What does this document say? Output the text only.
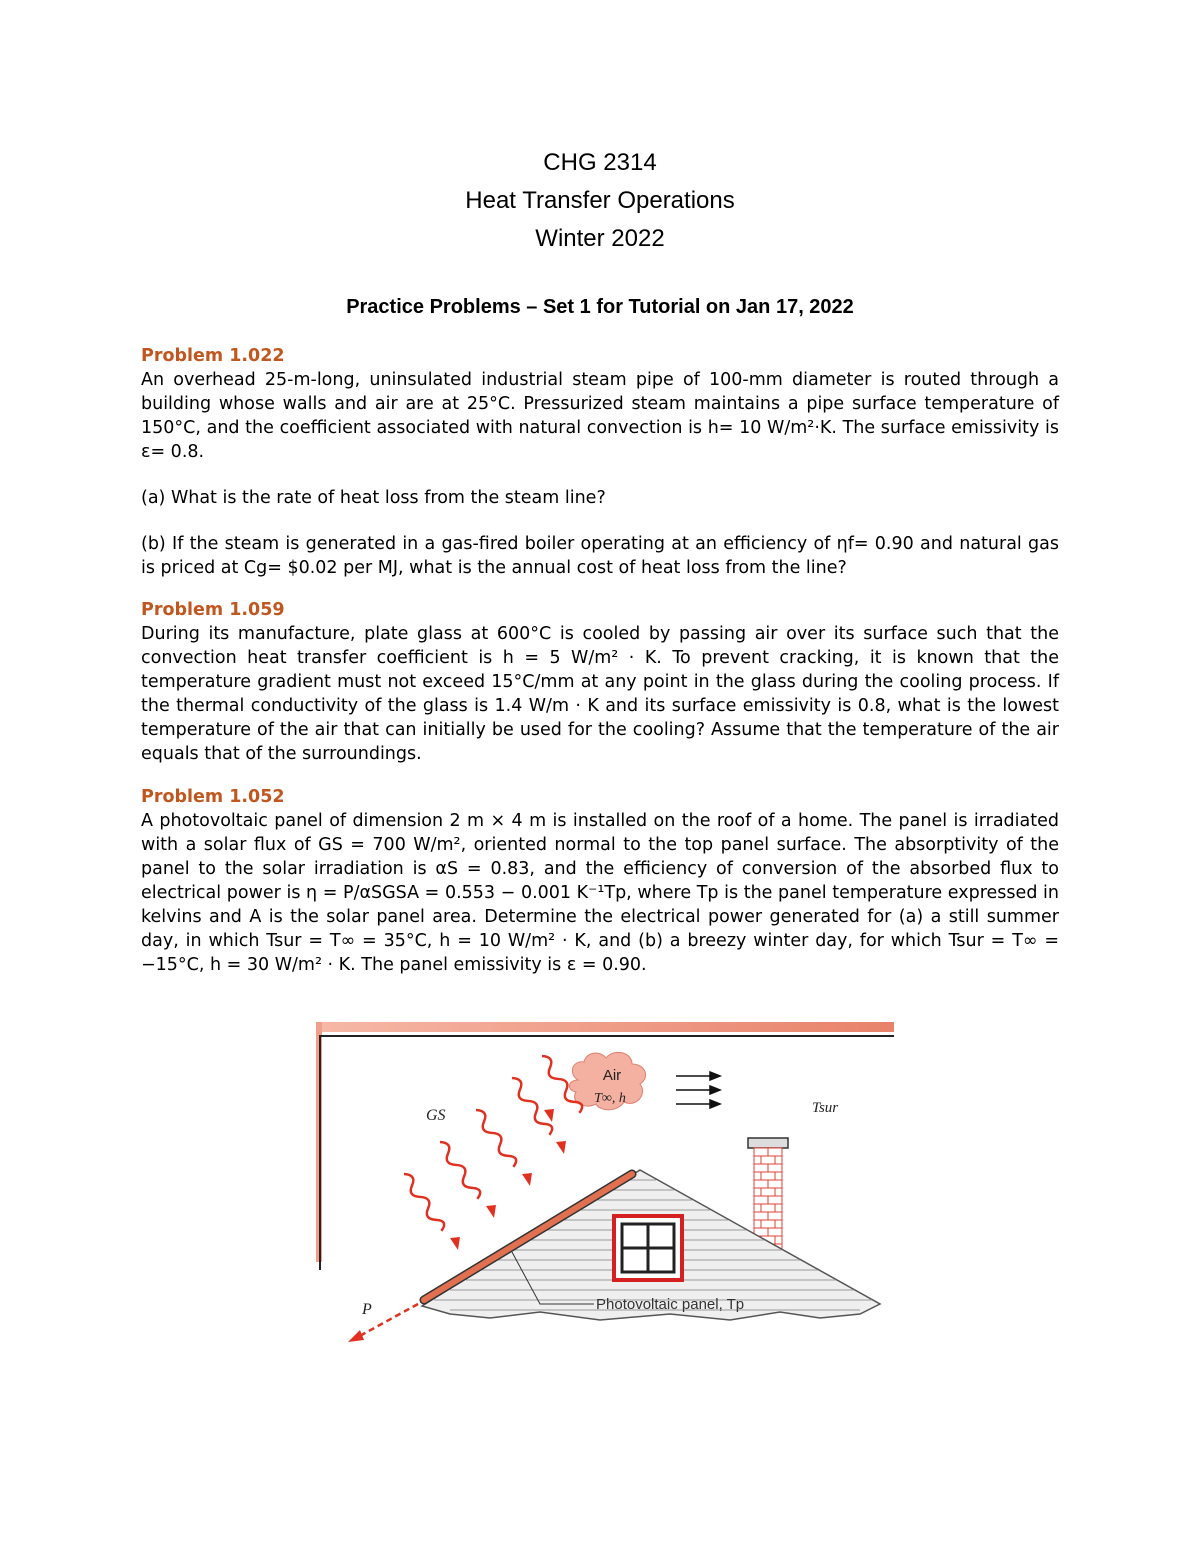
CHG 2314
Heat Transfer Operations
Winter 2022
Practice Problems – Set 1 for Tutorial on Jan 17, 2022
Problem 1.022

An overhead 25-m-long, uninsulated industrial steam pipe of 100-mm diameter is routed through a building whose walls and air are at 25°C. Pressurized steam maintains a pipe surface temperature of 150°C, and the coefficient associated with natural convection is h= 10 W/m²·K. The surface emissivity is ε= 0.8.

(a) What is the rate of heat loss from the steam line?

(b) If the steam is generated in a gas-fired boiler operating at an efficiency of ηf= 0.90 and natural gas is priced at Cg= $0.02 per MJ, what is the annual cost of heat loss from the line?

Problem 1.059

During its manufacture, plate glass at 600°C is cooled by passing air over its surface such that the convection heat transfer coefficient is h = 5 W/m² · K. To prevent cracking, it is known that the temperature gradient must not exceed 15°C/mm at any point in the glass during the cooling process. If the thermal conductivity of the glass is 1.4 W/m · K and its surface emissivity is 0.8, what is the lowest temperature of the air that can initially be used for the cooling? Assume that the temperature of the air equals that of the surroundings.

Problem 1.052

A photovoltaic panel of dimension 2 m × 4 m is installed on the roof of a home. The panel is irradiated with a solar flux of GS = 700 W/m², oriented normal to the top panel surface. The absorptivity of the panel to the solar irradiation is αS = 0.83, and the efficiency of conversion of the absorbed flux to electrical power is η = P/αSGSA = 0.553 − 0.001 K⁻¹Tp, where Tp is the panel temperature expressed in kelvins and A is the solar panel area. Determine the electrical power generated for (a) a still summer day, in which Tsur = T∞ = 35°C, h = 10 W/m² · K, and (b) a breezy winter day, for which Tsur = T∞ = −15°C, h = 30 W/m² · K. The panel emissivity is ε = 0.90.

Air
T∞, h
GS	Tsur
Photovoltaic panel, Tp
P
